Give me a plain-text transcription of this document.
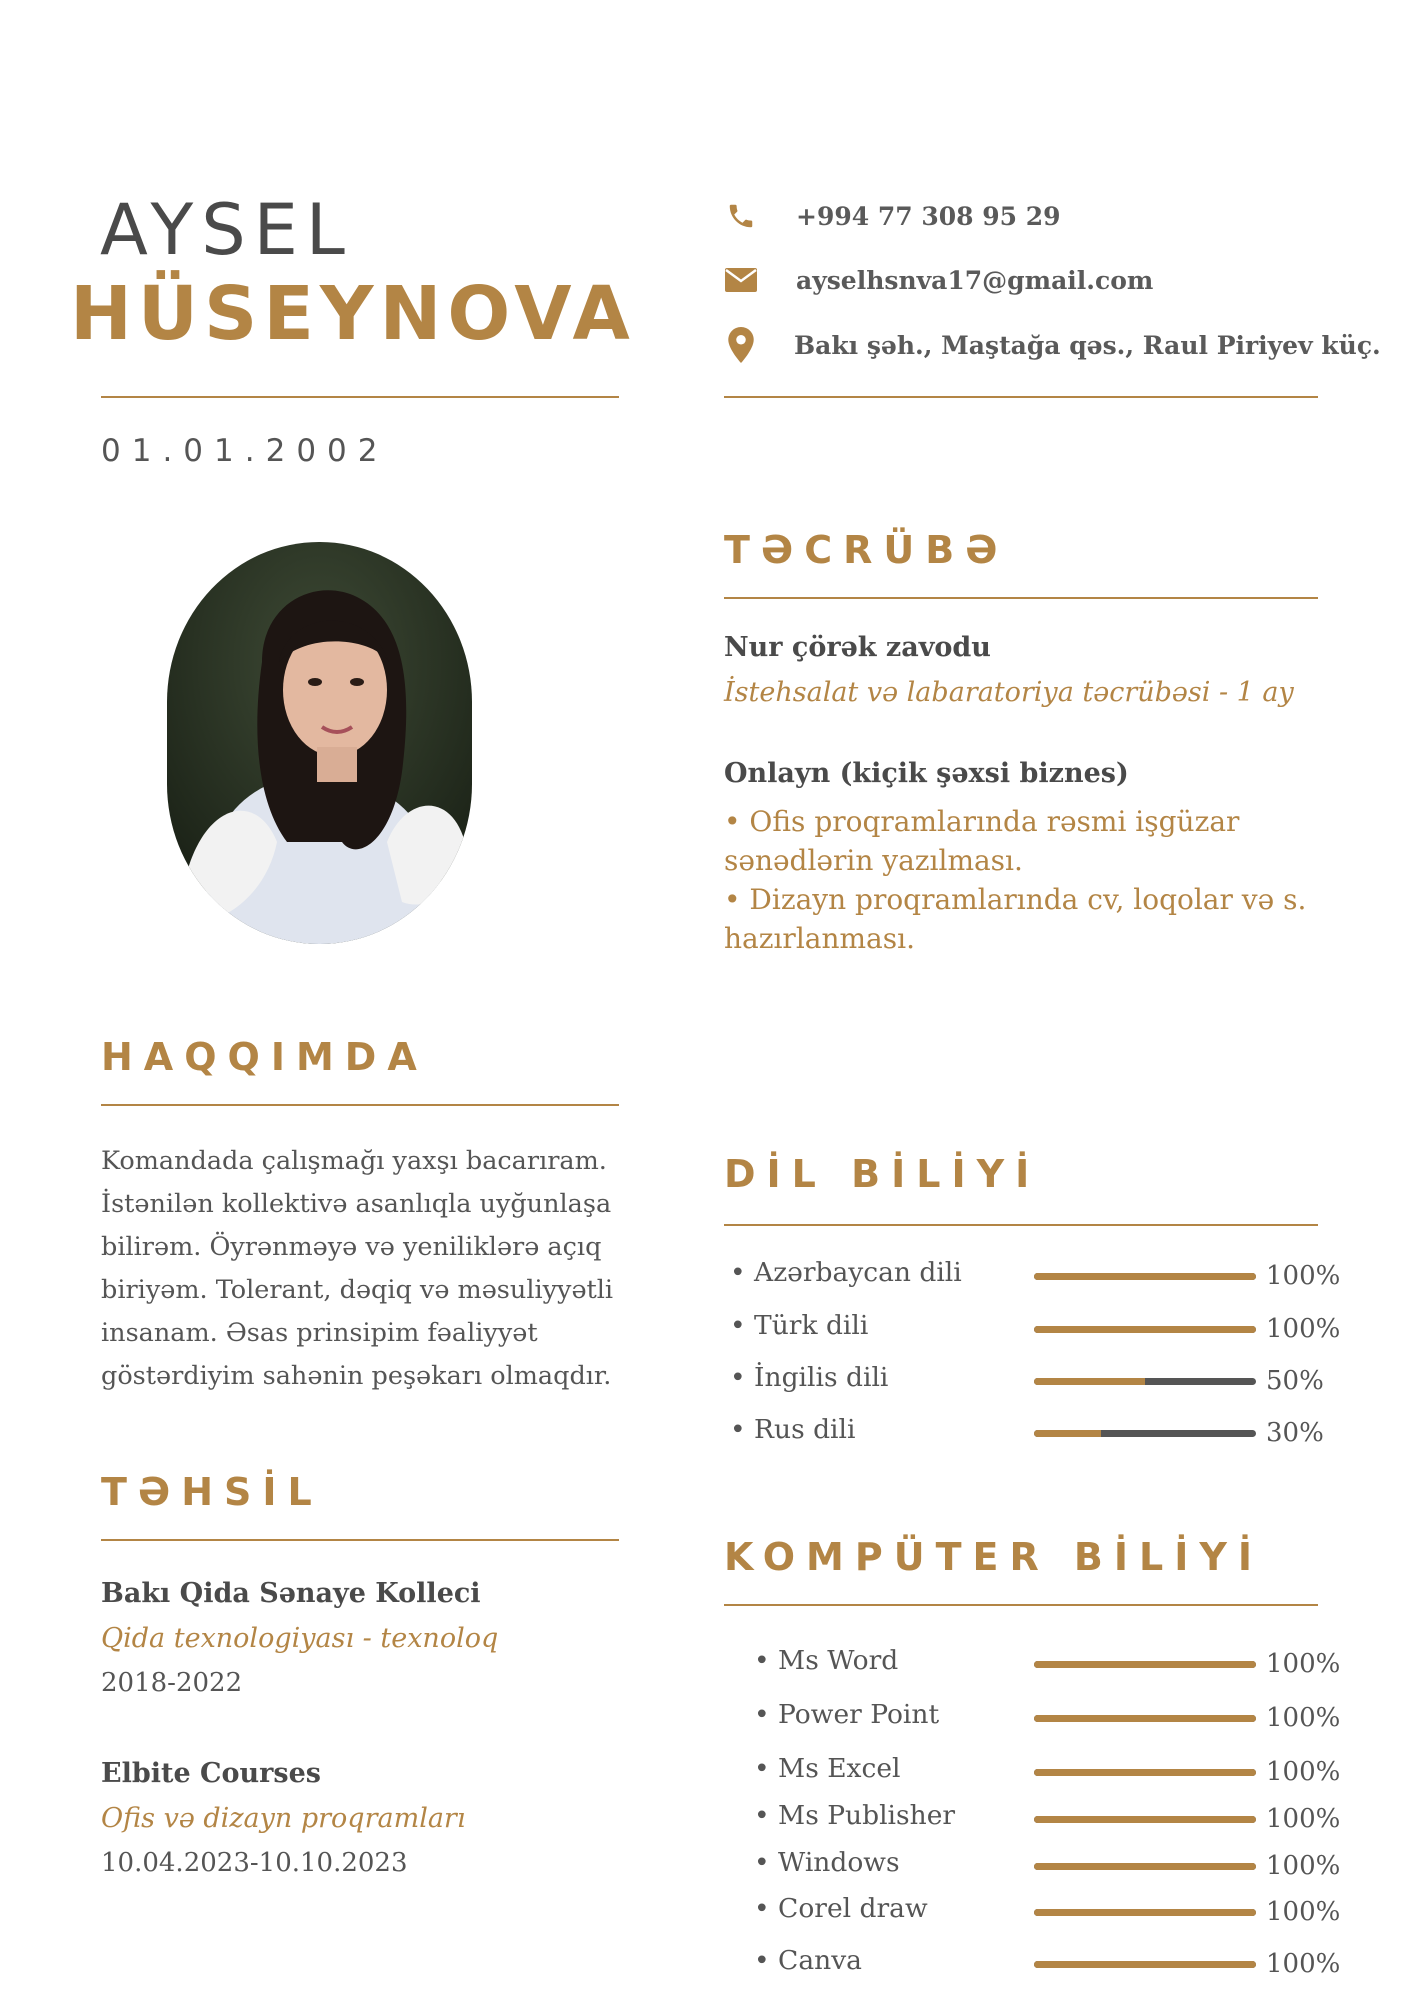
AYSEL
HÜSEYNOVA
01.01.2002
+994 77 308 95 29
ayselhsnva17@gmail.com
Bakı şəh., Maştağa qəs., Raul Piriyev küç.
TƏCRÜBƏ
Nur çörək zavodu
İstehsalat və labaratoriya təcrübəsi - 1 ay
Onlayn (kiçik şəxsi biznes)
• Ofis proqramlarında rəsmi işgüzar sənədlərin yazılması.
• Dizayn proqramlarında cv, loqolar və s. hazırlanması.
HAQQIMDA
Komandada çalışmağı yaxşı bacarıram. İstənilən kollektivə asanlıqla uyğunlaşa bilirəm. Öyrənməyə və yeniliklərə açıq biriyəm. Tolerant, dəqiq və məsuliyyətli insanam. Əsas prinsipim fəaliyyət göstərdiyim sahənin peşəkarı olmaqdır.
TƏHSİL
Bakı Qida Sənaye Kolleci
Qida texnologiyası - texnoloq
2018-2022
Elbite Courses
Ofis və dizayn proqramları
10.04.2023-10.10.2023
DİL BİLİYİ
• Azərbaycan dili	100%
• Türk dili	100%
• İngilis dili	50%
• Rus dili	30%
KOMPÜTER BİLİYİ
• Ms Word	100%
• Power Point	100%
• Ms Excel	100%
• Ms Publisher	100%
• Windows	100%
• Corel draw	100%
• Canva	100%
